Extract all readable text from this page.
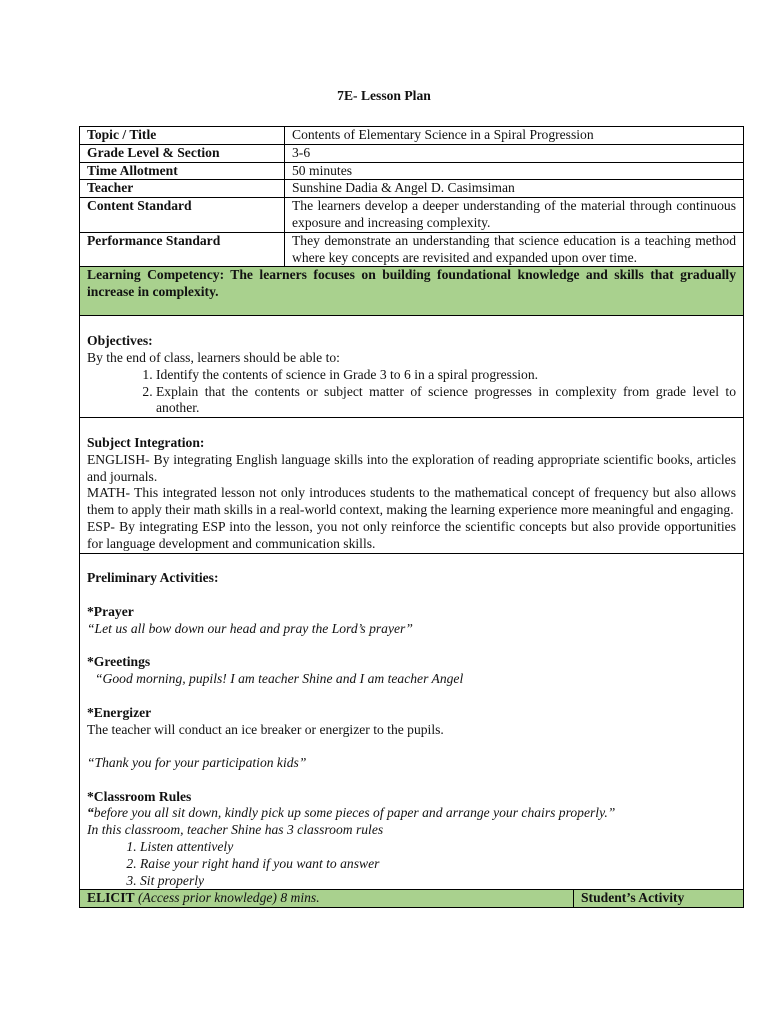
7E- Lesson Plan
Topic / Title	Contents of Elementary Science in a Spiral Progression
Grade Level & Section	3-6
Time Allotment	50 minutes
Teacher	Sunshine Dadia & Angel D. Casimsiman
Content Standard	The learners develop a deeper understanding of the material through continuous exposure and increasing complexity.
Performance Standard	They demonstrate an understanding that science education is a teaching method where key concepts are revisited and expanded upon over time.
Learning Competency: The learners focuses on building foundational knowledge and skills that gradually increase in complexity.
Objectives:
By the end of class, learners should be able to:
1. Identify the contents of science in Grade 3 to 6 in a spiral progression.
2. Explain that the contents or subject matter of science progresses in complexity from grade level to another.
Subject Integration:
ENGLISH- By integrating English language skills into the exploration of reading appropriate scientific books, articles and journals.
MATH- This integrated lesson not only introduces students to the mathematical concept of frequency but also allows them to apply their math skills in a real-world context, making the learning experience more meaningful and engaging.
ESP- By integrating ESP into the lesson, you not only reinforce the scientific concepts but also provide opportunities for language development and communication skills.
Preliminary Activities:
*Prayer
“Let us all bow down our head and pray the Lord’s prayer”
*Greetings
“Good morning, pupils! I am teacher Shine and I am teacher Angel
*Energizer
The teacher will conduct an ice breaker or energizer to the pupils.
“Thank you for your participation kids”
*Classroom Rules
“before you all sit down, kindly pick up some pieces of paper and arrange your chairs properly.”
In this classroom, teacher Shine has 3 classroom rules
1. Listen attentively
2. Raise your right hand if you want to answer
3. Sit properly
ELICIT (Access prior knowledge) 8 mins.	Student’s Activity
